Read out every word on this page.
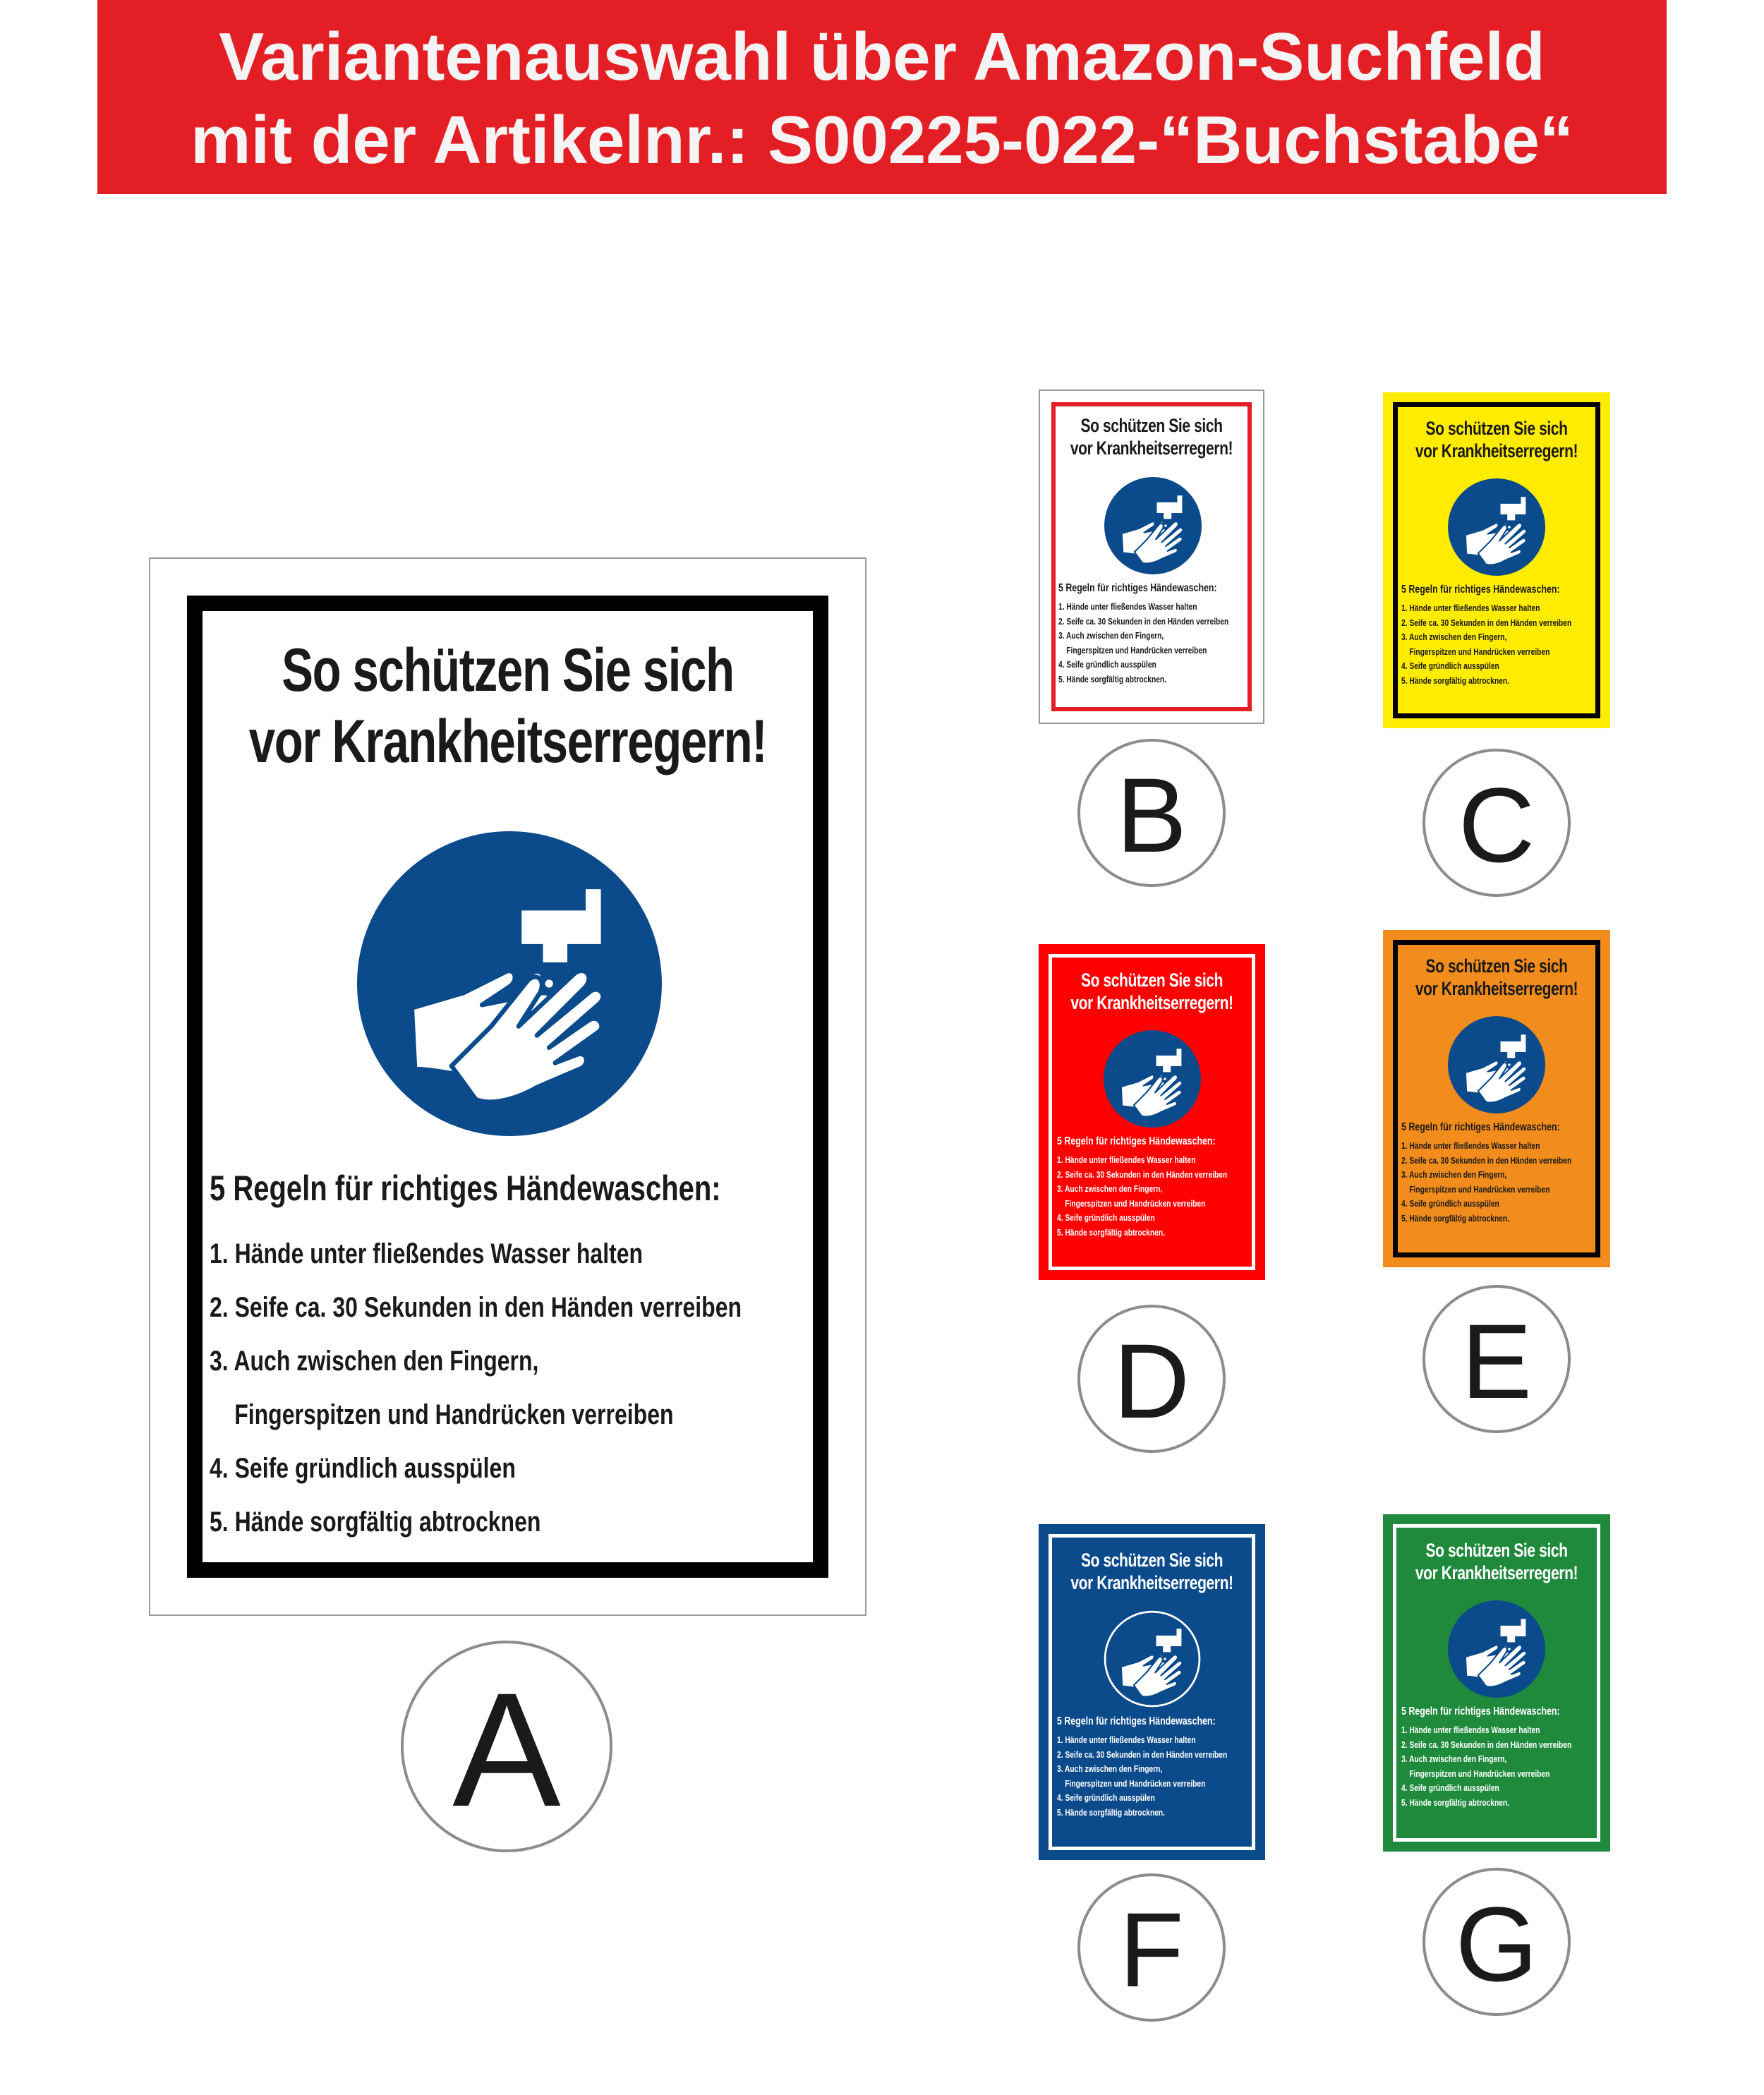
Variantenauswahl über Amazon-Suchfeld
mit der Artikelnr.: S00225-022-“Buchstabe“
So schützen Sie sich
vor Krankheitserregern!
5 Regeln für richtiges Händewaschen:
1. Hände unter fließendes Wasser halten
2. Seife ca. 30 Sekunden in den Händen verreiben
3. Auch zwischen den Fingern,
Fingerspitzen und Handrücken verreiben
4. Seife gründlich ausspülen
5. Hände sorgfältig abtrocknen
A
So schützen Sie sich
vor Krankheitserregern!
5 Regeln für richtiges Händewaschen:
1. Hände unter fließendes Wasser halten
2. Seife ca. 30 Sekunden in den Händen verreiben
3. Auch zwischen den Fingern,
Fingerspitzen und Handrücken verreiben
4. Seife gründlich ausspülen
5. Hände sorgfältig abtrocknen.
B
So schützen Sie sich
vor Krankheitserregern!
5 Regeln für richtiges Händewaschen:
1. Hände unter fließendes Wasser halten
2. Seife ca. 30 Sekunden in den Händen verreiben
3. Auch zwischen den Fingern,
Fingerspitzen und Handrücken verreiben
4. Seife gründlich ausspülen
5. Hände sorgfältig abtrocknen.
C
So schützen Sie sich
vor Krankheitserregern!
5 Regeln für richtiges Händewaschen:
1. Hände unter fließendes Wasser halten
2. Seife ca. 30 Sekunden in den Händen verreiben
3. Auch zwischen den Fingern,
Fingerspitzen und Handrücken verreiben
4. Seife gründlich ausspülen
5. Hände sorgfältig abtrocknen.
D
So schützen Sie sich
vor Krankheitserregern!
5 Regeln für richtiges Händewaschen:
1. Hände unter fließendes Wasser halten
2. Seife ca. 30 Sekunden in den Händen verreiben
3. Auch zwischen den Fingern,
Fingerspitzen und Handrücken verreiben
4. Seife gründlich ausspülen
5. Hände sorgfältig abtrocknen.
E
So schützen Sie sich
vor Krankheitserregern!
5 Regeln für richtiges Händewaschen:
1. Hände unter fließendes Wasser halten
2. Seife ca. 30 Sekunden in den Händen verreiben
3. Auch zwischen den Fingern,
Fingerspitzen und Handrücken verreiben
4. Seife gründlich ausspülen
5. Hände sorgfältig abtrocknen.
F
So schützen Sie sich
vor Krankheitserregern!
5 Regeln für richtiges Händewaschen:
1. Hände unter fließendes Wasser halten
2. Seife ca. 30 Sekunden in den Händen verreiben
3. Auch zwischen den Fingern,
Fingerspitzen und Handrücken verreiben
4. Seife gründlich ausspülen
5. Hände sorgfältig abtrocknen.
G
